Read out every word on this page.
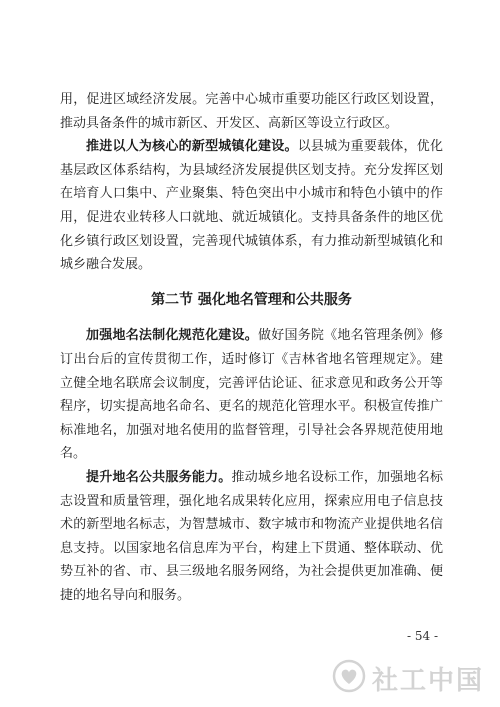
用，促进区域经济发展。完善中心城市重要功能区行政区划设置，推动具备条件的城市新区、开发区、高新区等设立行政区。

推进以人为核心的新型城镇化建设。以县城为重要载体，优化基层政区体系结构，为县域经济发展提供区划支持。充分发挥区划在培育人口集中、产业聚集、特色突出中小城市和特色小镇中的作用，促进农业转移人口就地、就近城镇化。支持具备条件的地区优化乡镇行政区划设置，完善现代城镇体系，有力推动新型城镇化和城乡融合发展。

第二节 强化地名管理和公共服务

加强地名法制化规范化建设。做好国务院《地名管理条例》修订出台后的宣传贯彻工作，适时修订《吉林省地名管理规定》。建立健全地名联席会议制度，完善评估论证、征求意见和政务公开等程序，切实提高地名命名、更名的规范化管理水平。积极宣传推广标准地名，加强对地名使用的监督管理，引导社会各界规范使用地名。

提升地名公共服务能力。推动城乡地名设标工作，加强地名标志设置和质量管理，强化地名成果转化应用，探索应用电子信息技术的新型地名标志，为智慧城市、数字城市和物流产业提供地名信息支持。以国家地名信息库为平台，构建上下贯通、整体联动、优势互补的省、市、县三级地名服务网络，为社会提供更加准确、便捷的地名导向和服务。

- 54 -
社工中国
